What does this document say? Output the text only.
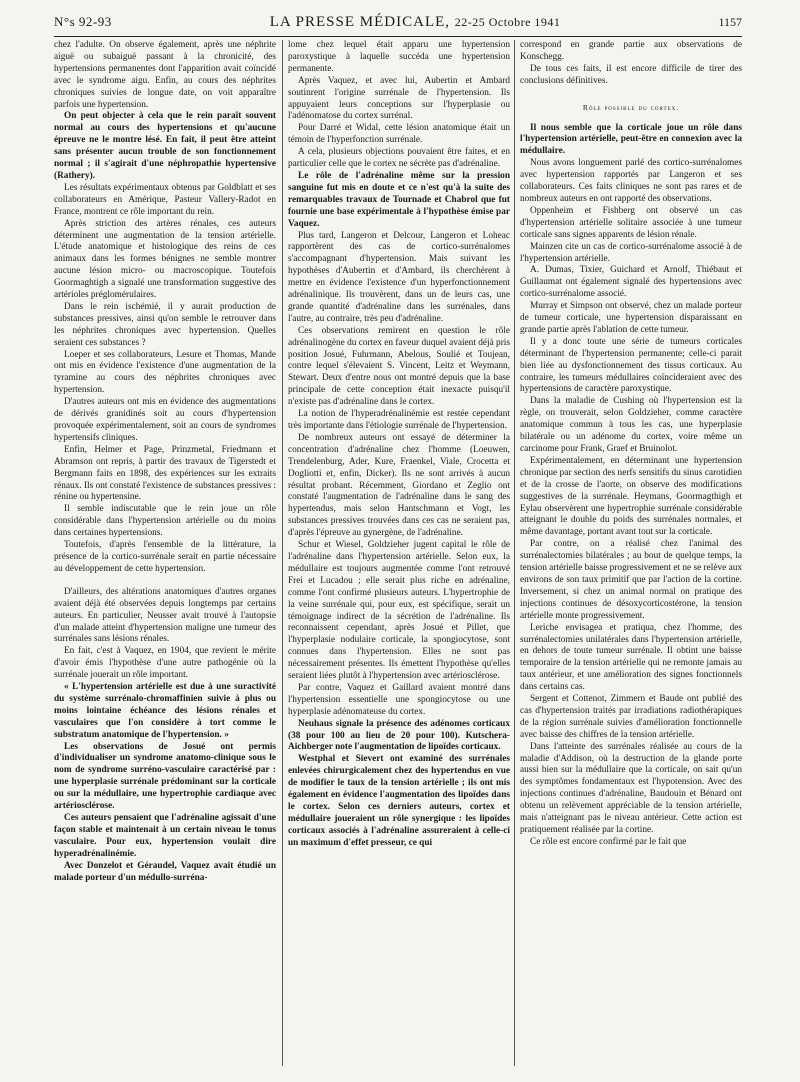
N°s 92-93	LA PRESSE MÉDICALE, 22-25 Octobre 1941	1157

chez l'adulte. On observe également, après une néphrite aiguë ou subaiguë passant à la chronicité, des hypertensions permanentes dont l'apparition avait coïncidé avec le syndrome aigu. Enfin, au cours des néphrites chroniques suivies de longue date, on voit apparaître parfois une hypertension.

On peut objecter à cela que le rein paraît souvent normal au cours des hypertensions et qu'aucune épreuve ne le montre lésé. En fait, il peut être atteint sans présenter aucun trouble de son fonctionnement normal ; il s'agirait d'une néphropathie hypertensive (Rathery).

Les résultats expérimentaux obtenus par Goldblatt et ses collaborateurs en Amérique, Pasteur Vallery-Radot en France, montrent ce rôle important du rein.

Après striction des artères rénales, ces auteurs déterminent une augmentation de la tension artérielle. L'étude anatomique et histologique des reins de ces animaux dans les formes bénignes ne semble montrer aucune lésion micro- ou macroscopique. Toutefois Goormaghtigh a signalé une transformation suggestive des artérioles préglomérulaires.

Dans le rein ischémié, il y aurait production de substances pressives, ainsi qu'on semble le retrouver dans les néphrites chroniques avec hypertension. Quelles seraient ces substances ?

Loeper et ses collaborateurs, Lesure et Thomas, Mande ont mis en évidence l'existence d'une augmentation de la tyramine au cours des néphrites chroniques avec hypertension.

D'autres auteurs ont mis en évidence des augmentations de dérivés granidinés soit au cours d'hypertension provoquée expérimentalement, soit au cours de syndromes hypertensifs cliniques.

Enfin, Helmer et Page, Prinzmetal, Friedmann et Abramson ont repris, à partir des travaux de Tigerstedt et Bergmann faits en 1898, des expériences sur les extraits rénaux. Ils ont constaté l'existence de substances pressives : rénine ou hypertensine.

Il semble indiscutable que le rein joue un rôle considérable dans l'hypertension artérielle ou du moins dans certaines hypertensions.

Toutefois, d'après l'ensemble de la littérature, la présence de la cortico-surrénale serait en partie nécessaire au développement de cette hypertension.

D'ailleurs, des altérations anatomiques d'autres organes avaient déjà été observées depuis longtemps par certains auteurs. En particulier, Neusser avait trouvé à l'autopsie d'un malade atteint d'hypertension maligne une tumeur des surrénales sans lésions rénales.

En fait, c'est à Vaquez, en 1904, que revient le mérite d'avoir émis l'hypothèse d'une autre pathogénie où la surrénale jouerait un rôle important.

« L'hypertension artérielle est due à une suractivité du système surrénalo-chromaffinien suivie à plus ou moins lointaine échéance des lésions rénales et vasculaires que l'on considère à tort comme le substratum anatomique de l'hypertension. »

Les observations de Josué ont permis d'individualiser un syndrome anatomo-clinique sous le nom de syndrome surréno-vasculaire caractérisé par : une hyperplasie surrénale prédominant sur la corticale ou sur la médullaire, une hypertrophie cardiaque avec artériosclérose.

Ces auteurs pensaient que l'adrénaline agissait d'une façon stable et maintenait à un certain niveau le tonus vasculaire. Pour eux, hypertension voulait dire hyperadrénalinémie.

Avec Donzelot et Géraudel, Vaquez avait étudié un malade porteur d'un médullo-surréna-

lome chez lequel était apparu une hypertension paroxystique à laquelle succéda une hypertension permanente.

Après Vaquez, et avec lui, Aubertin et Ambard soutinrent l'origine surrénale de l'hypertension. Ils appuyaient leurs conceptions sur l'hyperplasie ou l'adénomatose du cortex surrénal.

Pour Darré et Widal, cette lésion anatomique était un témoin de l'hyperfonction surrénale.

A cela, plusieurs objections pouvaient être faites, et en particulier celle que le cortex ne sécrète pas d'adrénaline.

Le rôle de l'adrénaline même sur la pression sanguine fut mis en doute et ce n'est qu'à la suite des remarquables travaux de Tournade et Chabrol que fut fournie une base expérimentale à l'hypothèse émise par Vaquez.

Plus tard, Langeron et Delcour, Langeron et Loheac rapportèrent des cas de cortico-surrénalomes s'accompagnant d'hypertension. Mais suivant les hypothèses d'Aubertin et d'Ambard, ils cherchèrent à mettre en évidence l'existence d'un hyperfonctionnement adrénalinique. Ils trouvèrent, dans un de leurs cas, une grande quantité d'adrénaline dans les surrénales, dans l'autre, au contraire, très peu d'adrénaline.

Ces observations remirent en question le rôle adrénalinogène du cortex en faveur duquel avaient déjà pris position Josué, Fuhrmann, Abelous, Soulié et Toujean, contre lequel s'élevaient S. Vincent, Leitz et Weymann, Stewart. Deux d'entre nous ont montré depuis que la base principale de cette conception était inexacte puisqu'il n'existe pas d'adrénaline dans le cortex.

La notion de l'hyperadrénalinémie est restée cependant très importante dans l'étiologie surrénale de l'hypertension.

De nombreux auteurs ont essayé de déterminer la concentration d'adrénaline chez l'homme (Loeuwen, Trendelenburg, Ader, Kure, Fraenkel, Viale, Crocetta et Dogliotti et, enfin, Dicker). Ils ne sont arrivés à aucun résultat probant. Récemment, Giordano et Zeglio ont constaté l'augmentation de l'adrénaline dans le sang des hypertendus, mais selon Hantschmann et Vogt, les substances pressives trouvées dans ces cas ne seraient pas, d'après l'épreuve au gynergène, de l'adrénaline.

Schur et Wiesel, Goldzieher jugent capital le rôle de l'adrénaline dans l'hypertension artérielle. Selon eux, la médullaire est toujours augmentée comme l'ont retrouvé Frei et Lucadou ; elle serait plus riche en adrénaline, comme l'ont confirmé plusieurs auteurs. L'hypertrophie de la veine surrénale qui, pour eux, est spécifique, serait un témoignage indirect de la sécrétion de l'adrénaline. Ils reconnaissent cependant, après Josué et Pillet, que l'hyperplasie nodulaire corticale, la spongiocytose, sont connues dans l'hypertension. Elles ne sont pas nécessairement présentes. Ils émettent l'hypothèse qu'elles seraient liées plutôt à l'hypertension avec artériosclérose.

Par contre, Vaquez et Gaillard avaient montré dans l'hypertension essentielle une spongiocytose ou une hyperplasie adénomateuse du cortex.

Neuhaus signale la présence des adénomes corticaux (38 pour 100 au lieu de 20 pour 100). Kutschera-Aichberger note l'augmentation de lipoïdes corticaux.

Westphal et Sievert ont examiné des surrénales enlevées chirurgicalement chez des hypertendus en vue de modifier le taux de la tension artérielle ; ils ont mis également en évidence l'augmentation des lipoïdes dans le cortex. Selon ces derniers auteurs, cortex et médullaire joueraient un rôle synergique : les lipoïdes corticaux associés à l'adrénaline assureraient à celle-ci un maximum d'effet presseur, ce qui

correspond en grande partie aux observations de Konschegg.

De tous ces faits, il est encore difficile de tirer des conclusions définitives.

Rôle possible du cortex.

Il nous semble que la corticale joue un rôle dans l'hypertension artérielle, peut-être en connexion avec la médullaire.

Nous avons longuement parlé des cortico-surrénalomes avec hypertension rapportés par Langeron et ses collaborateurs. Ces faits cliniques ne sont pas rares et de nombreux auteurs en ont rapporté des observations.

Oppenheim et Fishberg ont observé un cas d'hypertension artérielle solitaire associée à une tumeur corticale sans signes apparents de lésion rénale.

Mainzen cite un cas de cortico-surrénalome associé à de l'hypertension artérielle.

A. Dumas, Tixier, Guichard et Arnolf, Thiébaut et Guillaumat ont également signalé des hypertensions avec cortico-surrénalome associé.

Murray et Simpson ont observé, chez un malade porteur de tumeur corticale, une hypertension disparaissant en grande partie après l'ablation de cette tumeur.

Il y a donc toute une série de tumeurs corticales déterminant de l'hypertension permanente; celle-ci parait bien liée au dysfonctionnement des tissus corticaux. Au contraire, les tumeurs médullaires coïncideraient avec des hypertensions de caractère paroxystique.

Dans la maladie de Cushing où l'hypertension est la règle, on trouverait, selon Goldzieher, comme caractère anatomique commun à tous les cas, une hyperplasie bilatérale ou un adénome du cortex, voire même un carcinome pour Frank, Graef et Bruinolot.

Expérimentalement, en déterminant une hypertension chronique par section des nerfs sensitifs du sinus carotidien et de la crosse de l'aorte, on observe des modifications suggestives de la surrénale. Heymans, Goormagthigh et Eylau observèrent une hypertrophie surrénale considérable atteignant le double du poids des surrénales normales, et même davantage, portant avant tout sur la corticale.

Par contre, on a réalisé chez l'animal des surrénalectomies bilatérales ; au bout de quelque temps, la tension artérielle baisse progressivement et ne se relève aux environs de son taux primitif que par l'action de la cortine. Inversement, si chez un animal normal on pratique des injections continues de désoxycorticostérone, la tension artérielle monte progressivement.

Leriche envisagea et pratiqua, chez l'homme, des surrénalectomies unilatérales dans l'hypertension artérielle, en dehors de toute tumeur surrénale. Il obtint une baisse temporaire de la tension artérielle qui ne remonte jamais au taux antérieur, et une amélioration des signes fonctionnels dans certains cas.

Sergent et Cottenot, Zimmern et Baude ont publié des cas d'hypertension traités par irradiations radiothérapiques de la région surrénale suivies d'amélioration fonctionnelle avec baisse des chiffres de la tension artérielle.

Dans l'atteinte des surrénales réalisée au cours de la maladie d'Addison, où la destruction de la glande porte aussi bien sur la médullaire que la corticale, on sait qu'un des symptômes fondamentaux est l'hypotension. Avec des injections continues d'adrénaline, Baudouin et Bénard ont obtenu un relèvement appréciable de la tension artérielle, mais n'atteignant pas le niveau antérieur. Cette action est pratiquement réalisée par la cortine.

Ce rôle est encore confirmé par le fait que
